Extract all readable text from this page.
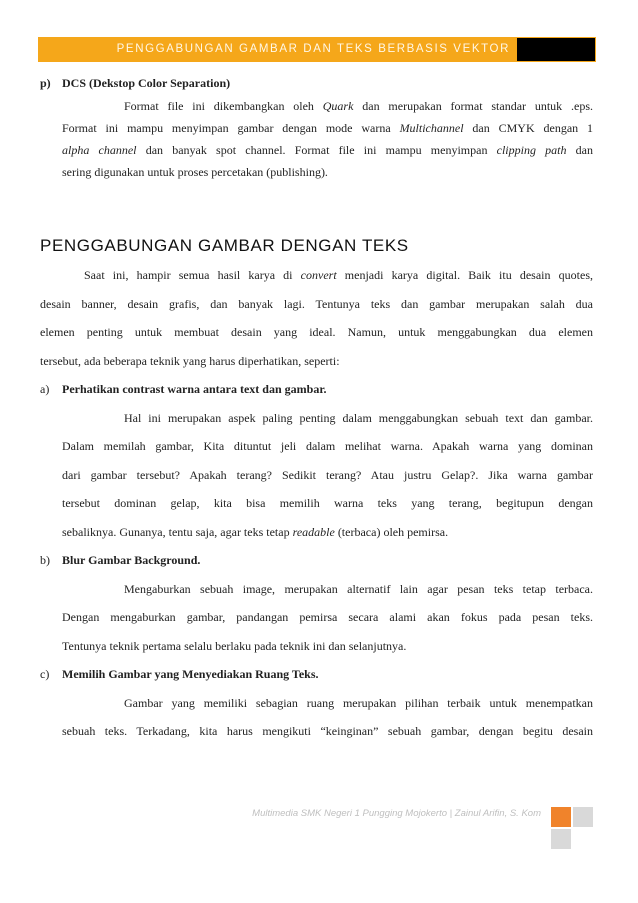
PENGGABUNGAN GAMBAR DAN TEKS BERBASIS VEKTOR
p) DCS (Dekstop Color Separation)
Format file ini dikembangkan oleh Quark dan merupakan format standar untuk .eps.
Format ini mampu menyimpan gambar dengan mode warna Multichannel dan CMYK dengan 1
alpha channel dan banyak spot channel. Format file ini mampu menyimpan clipping path dan
sering digunakan untuk proses percetakan (publishing).
PENGGABUNGAN GAMBAR DENGAN TEKS
Saat ini, hampir semua hasil karya di convert menjadi karya digital. Baik itu desain quotes,
desain banner, desain grafis, dan banyak lagi. Tentunya teks dan gambar merupakan salah dua
elemen penting untuk membuat desain yang ideal. Namun, untuk menggabungkan dua elemen
tersebut, ada beberapa teknik yang harus diperhatikan, seperti:
a) Perhatikan contrast warna antara text dan gambar.
Hal ini merupakan aspek paling penting dalam menggabungkan sebuah text dan gambar.
Dalam memilah gambar, Kita dituntut jeli dalam melihat warna. Apakah warna yang dominan
dari gambar tersebut? Apakah terang? Sedikit terang? Atau justru Gelap?. Jika warna gambar
tersebut dominan gelap, kita bisa memilih warna teks yang terang, begitupun dengan
sebaliknya. Gunanya, tentu saja, agar teks tetap readable (terbaca) oleh pemirsa.
b) Blur Gambar Background.
Mengaburkan sebuah image, merupakan alternatif lain agar pesan teks tetap terbaca.
Dengan mengaburkan gambar, pandangan pemirsa secara alami akan fokus pada pesan teks.
Tentunya teknik pertama selalu berlaku pada teknik ini dan selanjutnya.
c) Memilih Gambar yang Menyediakan Ruang Teks.
Gambar yang memiliki sebagian ruang merupakan pilihan terbaik untuk menempatkan
sebuah teks. Terkadang, kita harus mengikuti “keinginan” sebuah gambar, dengan begitu desain
Multimedia SMK Negeri 1 Pungging Mojokerto | Zainul Arifin, S. Kom
